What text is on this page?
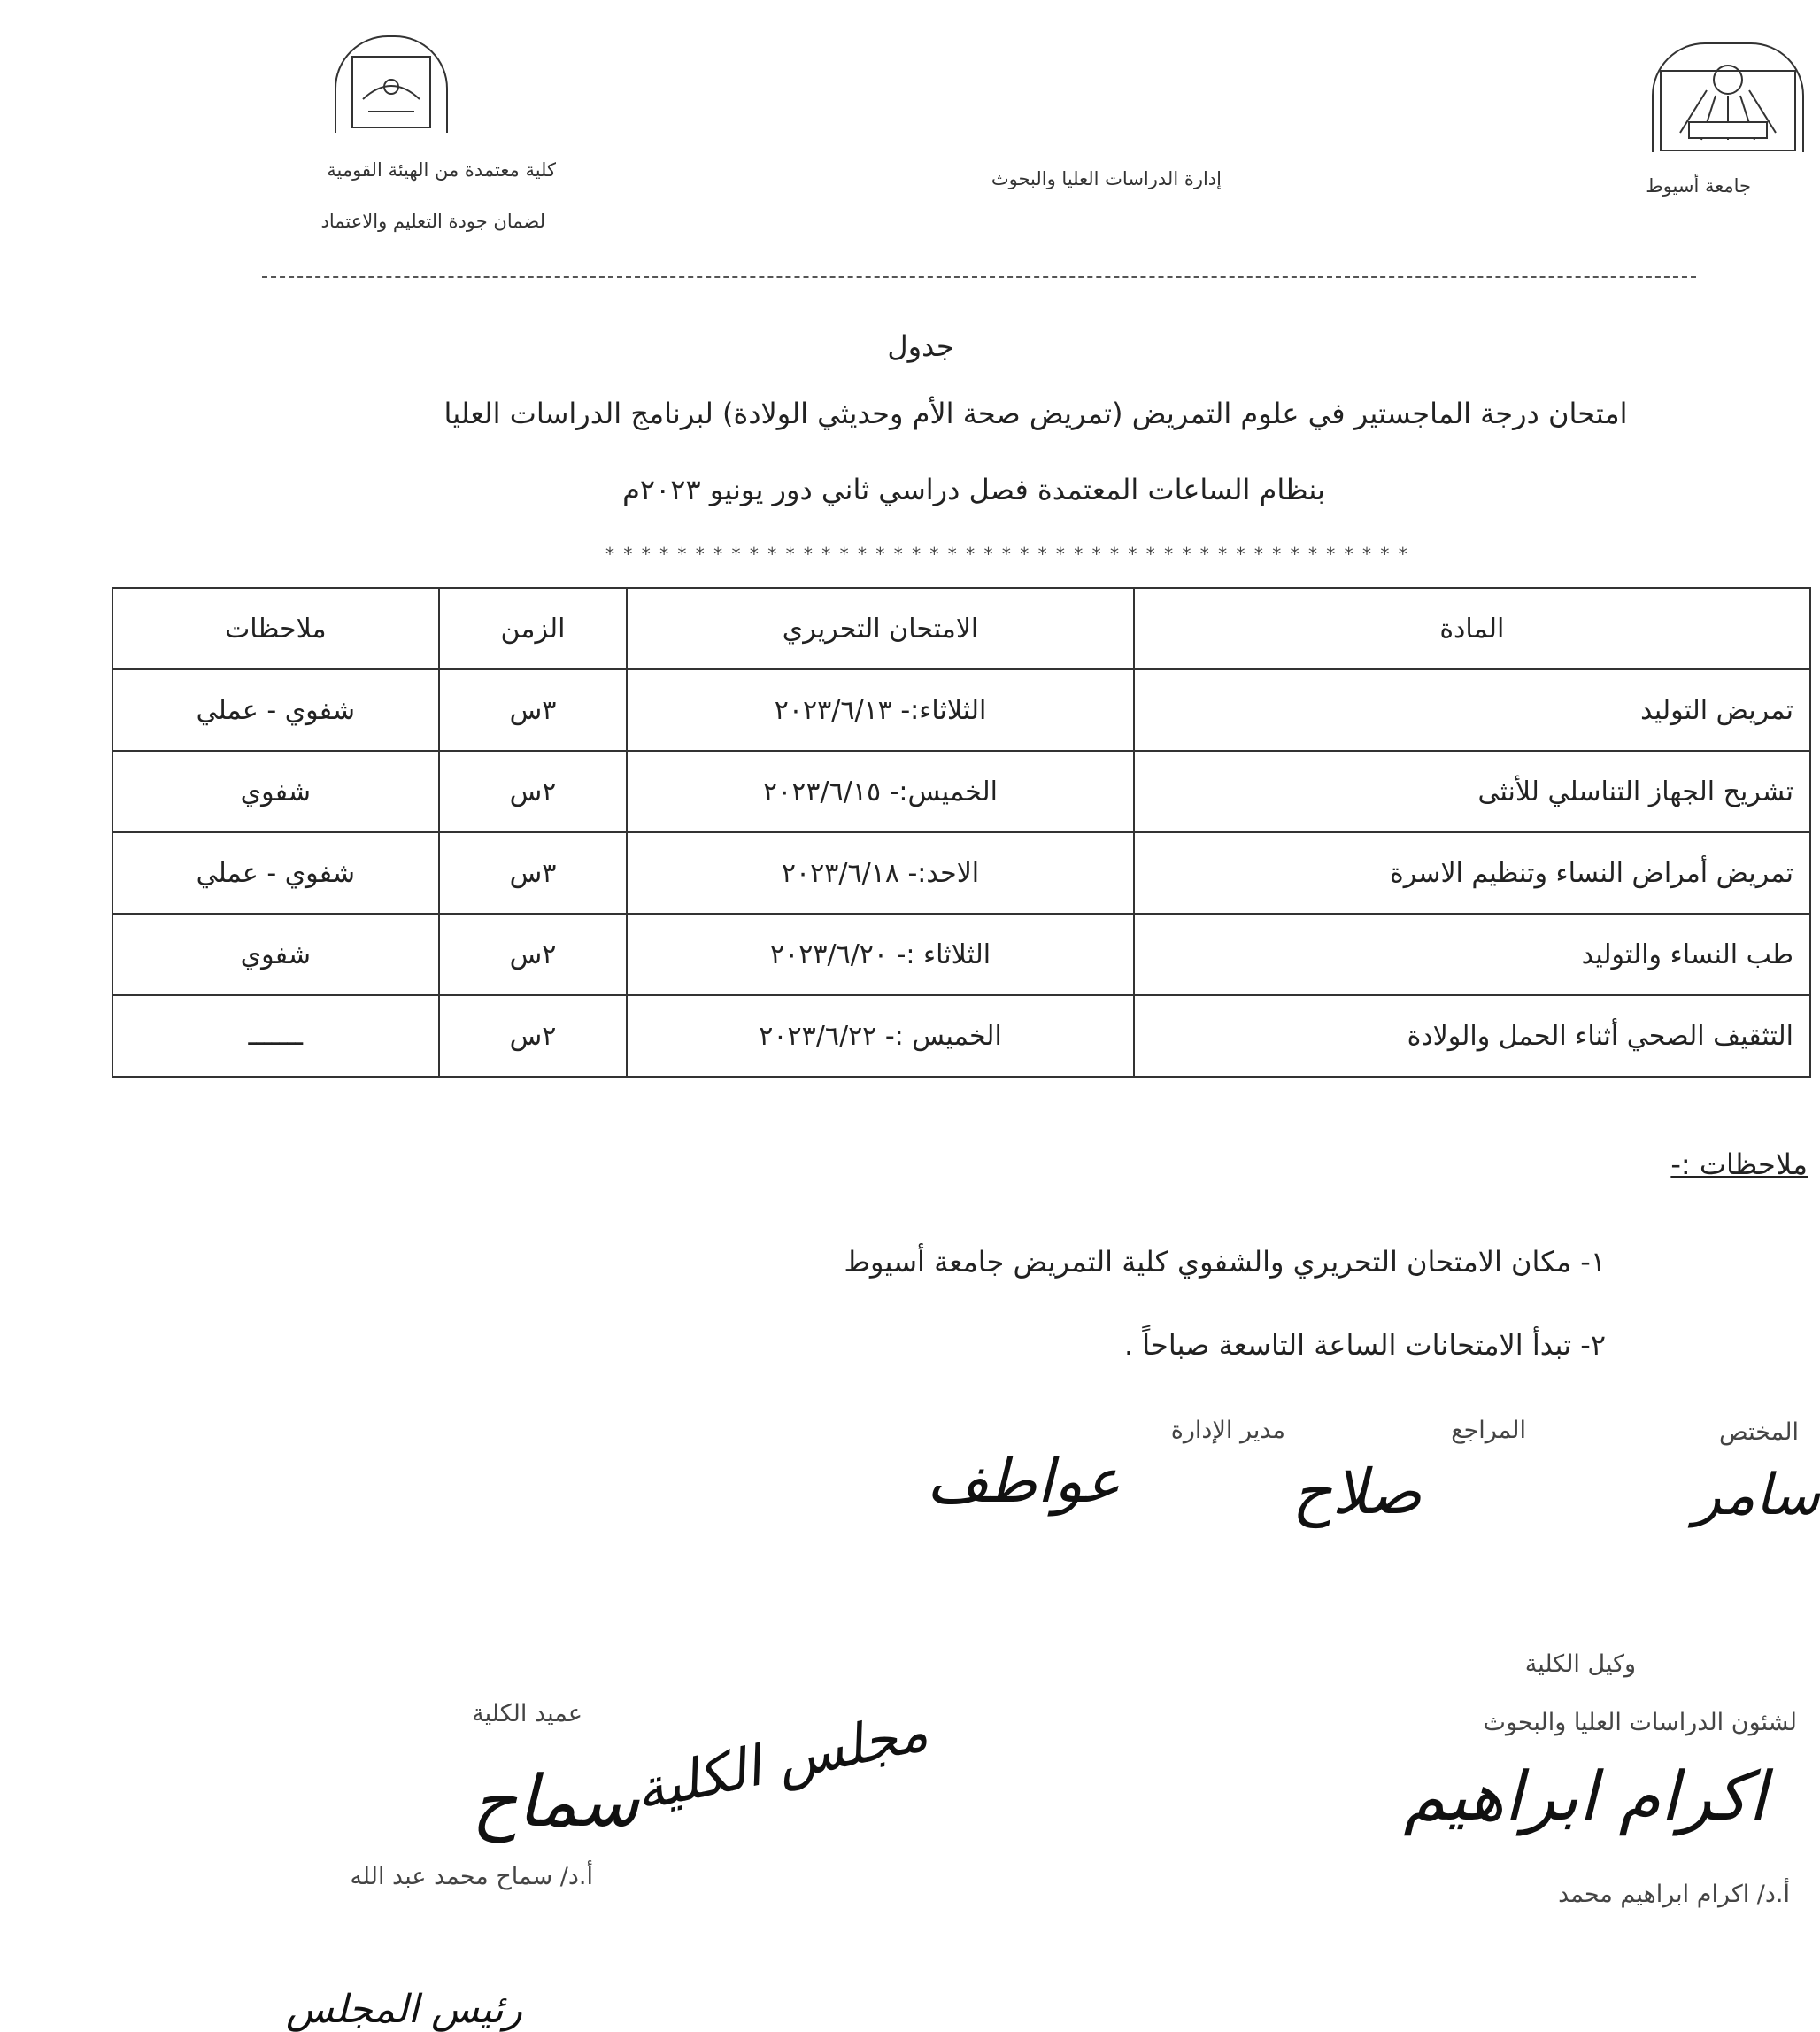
كلية معتمدة من الهيئة القومية
لضمان جودة التعليم والاعتماد
إدارة الدراسات العليا والبحوث	جامعة أسيوط
جدول
امتحان درجة الماجستير في علوم التمريض (تمريض صحة الأم وحديثي الولادة) لبرنامج الدراسات العليا
بنظام الساعات المعتمدة فصل دراسي ثاني دور يونيو ٢٠٢٣م
* * * * * * * * * * * * * * * * * * * * * * * * * * * * * * * * * * * * * * * * * * * * *
المادة	الامتحان التحريري	الزمن	ملاحظات
تمريض التوليد	الثلاثاء:- ٢٠٢٣/٦/١٣	٣س	شفوي - عملي
تشريح الجهاز التناسلي للأنثى	الخميس:- ٢٠٢٣/٦/١٥	٢س	شفوي
تمريض أمراض النساء وتنظيم الاسرة	الاحد:- ٢٠٢٣/٦/١٨	٣س	شفوي - عملي
طب النساء والتوليد	الثلاثاء :- ٢٠٢٣/٦/٢٠	٢س	شفوي
التثقيف الصحي أثناء الحمل والولادة	الخميس :- ٢٠٢٣/٦/٢٢	٢س	ـــــــ
ملاحظات :-
١- مكان الامتحان التحريري والشفوي كلية التمريض جامعة أسيوط
٢- تبدأ الامتحانات الساعة التاسعة صباحاً .
المختص
المراجع
مدير الإدارة
سامر
صلاح
عواطف
وكيل الكلية
لشئون الدراسات العليا والبحوث
اكرام ابراهيم
أ.د/ اكرام ابراهيم محمد
عميد الكلية
سماح
مجلس الكلية
أ.د/ سماح محمد عبد الله
رئيس المجلس
